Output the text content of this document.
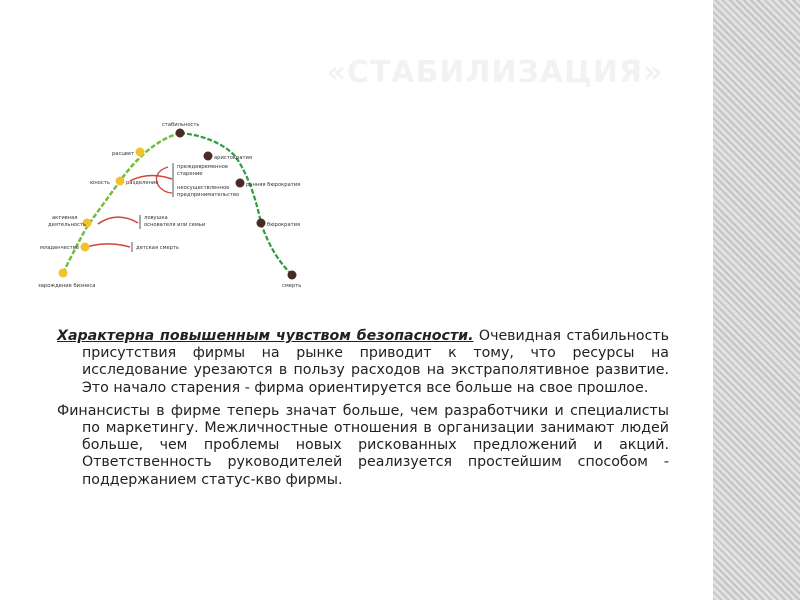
«СТАБИЛИЗАЦИЯ»
зарождение бизнеса
младенчество
активная
деятельность
юность
расцвет
стабильность
аристократия
ранняя бюрократия
бюрократия
смерть
детская смерть
ловушка
основателя или семьи
преждевременное
старение
неосуществленное
предпринимательство
разделение

Характерна повышенным чувством безопасности. Очевидная стабильность присутствия фирмы на рынке приводит к тому, что ресурсы на исследование урезаются в пользу расходов на экстраполятивное развитие. Это начало старения - фирма ориентируется все больше на свое прошлое.

Финансисты в фирме теперь значат больше, чем разработчики и специалисты по маркетингу. Межличностные отношения в организации занимают людей больше, чем проблемы новых рискованных предложений и акций. Ответственность руководителей реализуется простейшим способом - поддержанием статус-кво фирмы.
